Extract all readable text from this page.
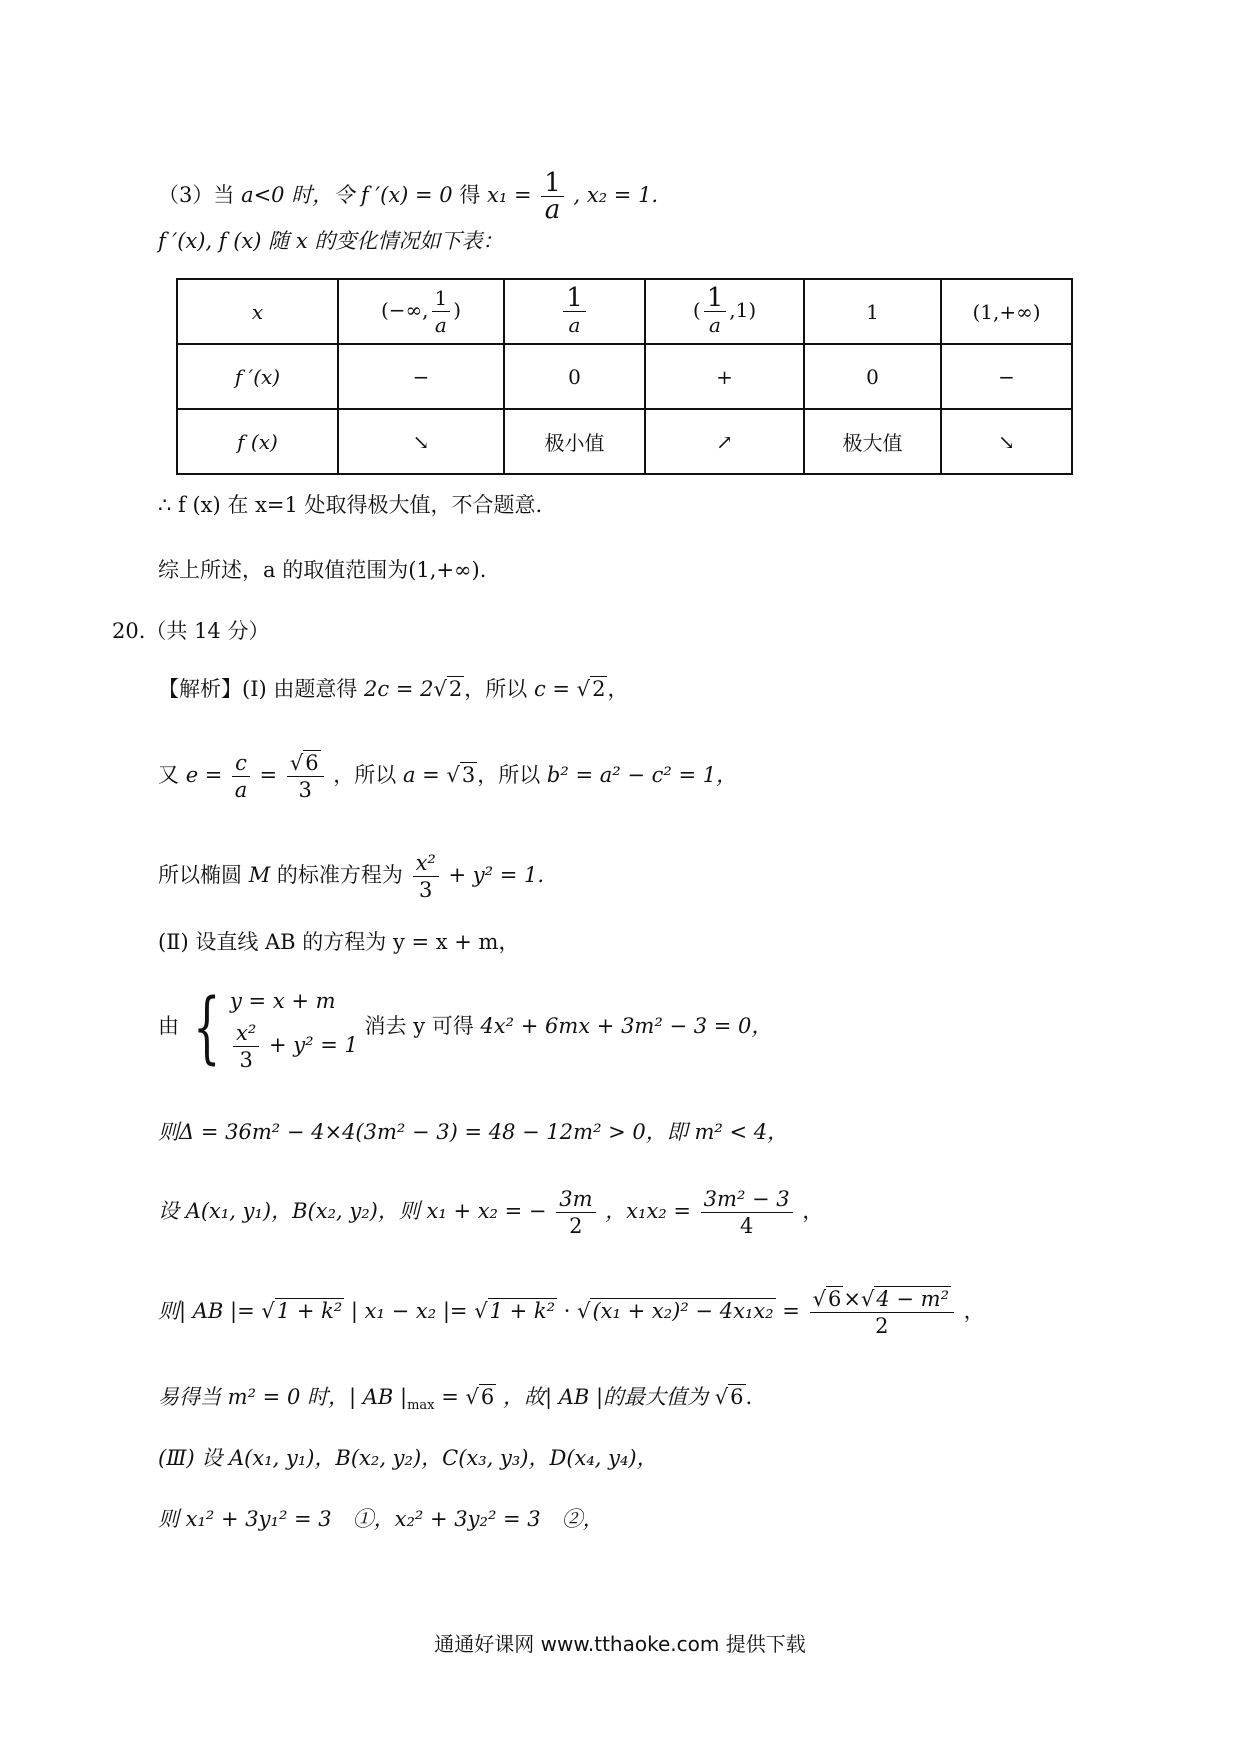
（3）当 a<0 时，令 f ′(x) = 0 得 $x_1 = \frac{1}{a}$ , x₂ = 1.
f ′(x), f (x) 随 x 的变化情况如下表：
x	(−∞, $\frac{1}{a}$ )	$\frac{1}{a}$	( $\frac{1}{a} ,1$)	1	(1,+∞)
f ′(x)	−	0	+	0	−
f (x)	↘	极小值	↗	极大值	↘
∴ f (x) 在 x=1 处取得极大值，不合题意.
综上所述，a 的取值范围为(1,+∞).
20.（共 14 分）
【解析】(Ⅰ) 由题意得 2c = 2√2，所以 c = √2，
又 $e = \frac{c}{a} = \frac{√6}{3}$ ，所以 a = √3，所以 b² = a² − c² = 1，
所以椭圆 M 的标准方程为 $\frac{\text{x²}}{3} + y^2 = 1$.
(Ⅱ) 设直线 AB 的方程为 y = x + m，
由 { y = x + m
$\frac{\text{x²}}{3} + y^2 = 1$
消去 y 可得 4x² + 6mx + 3m² − 3 = 0，
则Δ = 36m² − 4×4(3m² − 3) = 48 − 12m² > 0，即 m² < 4，
设 A(x₁, y₁)，B(x₂, y₂)，则 x₁ + x₂ = − $\frac{3m}{2}$ ，$x_1x_2 = \frac{\text{3m² − 3}}{4}$ ，
则| AB |= √1 + k² | x₁ − x₂ |= $√1 + k^2 \cdot √(x_1 + x_2)^2 - 4x_1x_2 = \frac{\text{√6×√4 − m²}}{2}$ ，
易得当 m² = 0 时，| AB $|_{max} = √6$ ，故| AB |的最大值为 √6.
(Ⅲ) 设 A(x₁, y₁)，B(x₂, y₂)，C(x₃, y₃)，D(x₄, y₄)，
则 x₁² + 3y₁² = 3　①，x₂² + 3y₂² = 3　②，
通通好课网 www.tthaoke.com 提供下载
